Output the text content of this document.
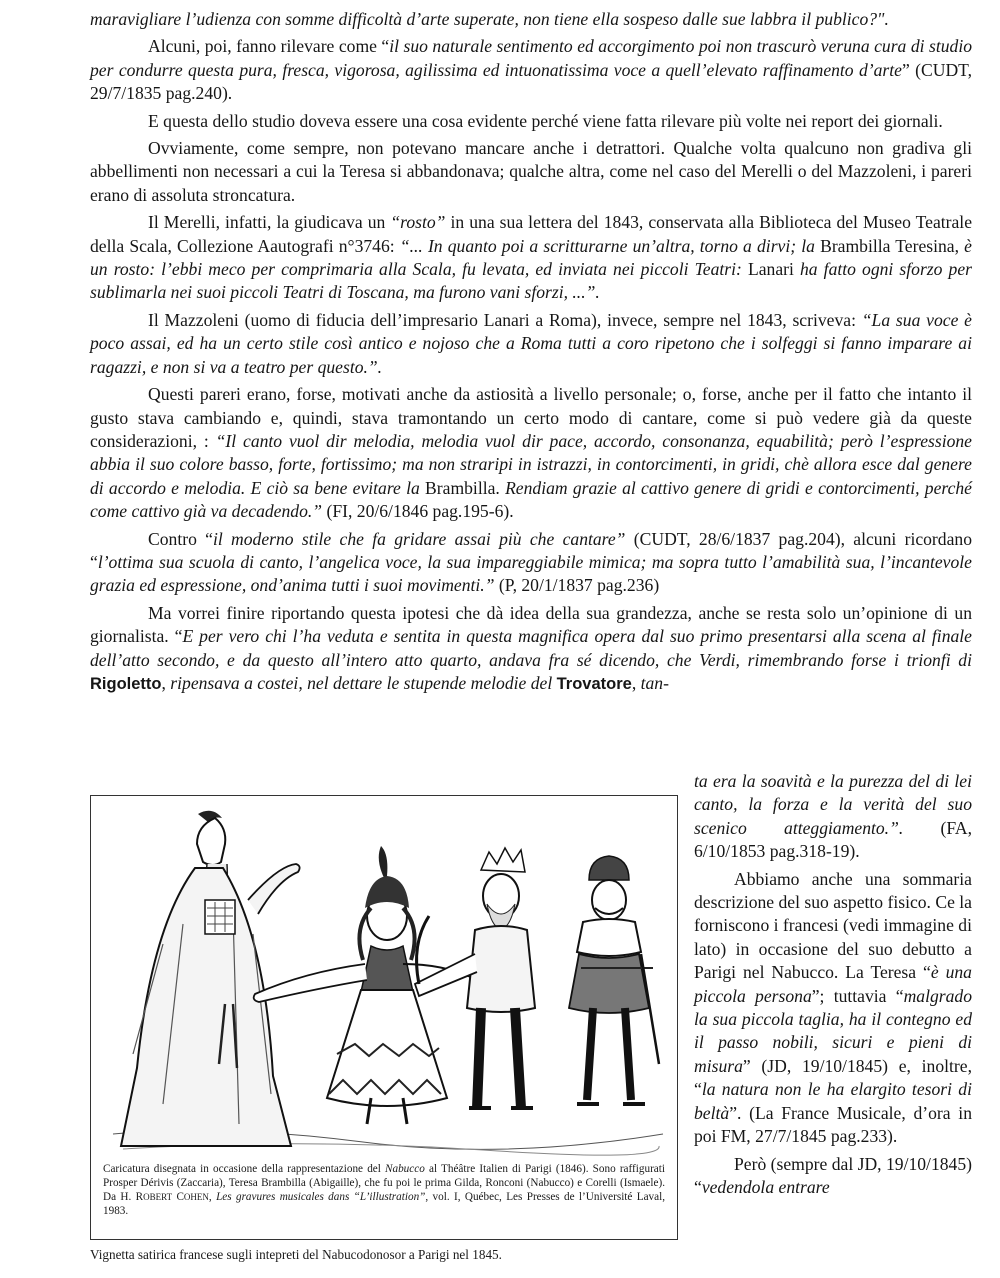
maravigliare l’udienza con somme difficoltà d’arte superate, non tiene ella sospeso dalle sue labbra il publico?".

Alcuni, poi, fanno rilevare come “il suo naturale sentimento ed accorgimento poi non trascurò veruna cura di studio per condurre questa pura, fresca, vigorosa, agilissima ed intuonatissima voce a quell’elevato raffinamento d’arte” (CUDT, 29/7/1835 pag.240).

E questa dello studio doveva essere una cosa evidente perché viene fatta rilevare più volte nei report dei giornali.

Ovviamente, come sempre, non potevano mancare anche i detrattori. Qualche volta qualcuno non gradiva gli abbellimenti non necessari a cui la Teresa si abbandonava; qualche altra, come nel caso del Merelli o del Mazzoleni, i pareri erano di assoluta stroncatura.

Il Merelli, infatti, la giudicava un “rosto” in una sua lettera del 1843, conservata alla Biblioteca del Museo Teatrale della Scala, Collezione Aautografi n°3746: “... In quanto poi a scritturarne un’altra, torno a dirvi; la Brambilla Teresina, è un rosto: l’ebbi meco per comprimaria alla Scala, fu levata, ed inviata nei piccoli Teatri: Lanari ha fatto ogni sforzo per sublimarla nei suoi piccoli Teatri di Toscana, ma furono vani sforzi, ...”.

Il Mazzoleni (uomo di fiducia dell’impresario Lanari a Roma), invece, sempre nel 1843, scriveva: “La sua voce è poco assai, ed ha un certo stile così antico e nojoso che a Roma tutti a coro ripetono che i solfeggi si fanno imparare ai ragazzi, e non si va a teatro per questo.”.

Questi pareri erano, forse, motivati anche da astiosità a livello personale; o, forse, anche per il fatto che intanto il gusto stava cambiando e, quindi, stava tramontando un certo modo di cantare, come si può vedere già da queste considerazioni, : “Il canto vuol dir melodia, melodia vuol dir pace, accordo, consonanza, equabilità; però l’espressione abbia il suo colore basso, forte, fortissimo; ma non straripi in istrazzi, in contorcimenti, in gridi, chè allora esce dal genere di accordo e melodia. E ciò sa bene evitare la Brambilla. Rendiam grazie al cattivo genere di gridi e contorcimenti, perché come cattivo già va decadendo.” (FI, 20/6/1846 pag.195-6).

Contro “il moderno stile che fa gridare assai più che cantare” (CUDT, 28/6/1837 pag.204), alcuni ricordano “l’ottima sua scuola di canto, l’angelica voce, la sua impareggiabile mimica; ma sopra tutto l’amabilità sua, l’incantevole grazia ed espressione, ond’anima tutti i suoi movimenti.” (P, 20/1/1837 pag.236)

Ma vorrei finire riportando questa ipotesi che dà idea della sua grandezza, anche se resta solo un’opinione di un giornalista. “E per vero chi l’ha veduta e sentita in questa magnifica opera dal suo primo presentarsi alla scena al finale dell’atto secondo, e da questo all’intero atto quarto, andava fra sé dicendo, che Verdi, rimembrando forse i trionfi di Rigoletto, ripensava a costei, nel dettare le stupende melodie del Trovatore, tan-

Caricatura disegnata in occasione della rappresentazione del Nabucco al Théâtre Italien di Parigi (1846). Sono raffigurati Prosper Dérivis (Zaccaria), Teresa Brambilla (Abigaille), che fu poi le prima Gilda, Ronconi (Nabucco) e Corelli (Ismaele). Da H. ROBERT COHEN, Les gravures musicales dans “L’illustration”, vol. I, Québec, Les Presses de l’Université Laval, 1983.
Vignetta satirica francese sugli intepreti del Nabucodonosor a Parigi nel 1845.

ta era la soavità e la purezza del di lei canto, la forza e la verità del suo scenico atteggiamento.”. (FA, 6/10/1853 pag.318-19).

Abbiamo anche una sommaria descrizione del suo aspetto fisico. Ce la forniscono i francesi (vedi immagine di lato) in occasione del suo debutto a Parigi nel Nabucco. La Teresa “è una piccola persona”; tuttavia “malgrado la sua piccola taglia, ha il contegno ed il passo nobili, sicuri e pieni di misura” (JD, 19/10/1845) e, inoltre, “la natura non le ha elargito tesori di beltà”. (La France Musicale, d’ora in poi FM, 27/7/1845 pag.233).

Però (sempre dal JD, 19/10/1845) “vedendola entrare
